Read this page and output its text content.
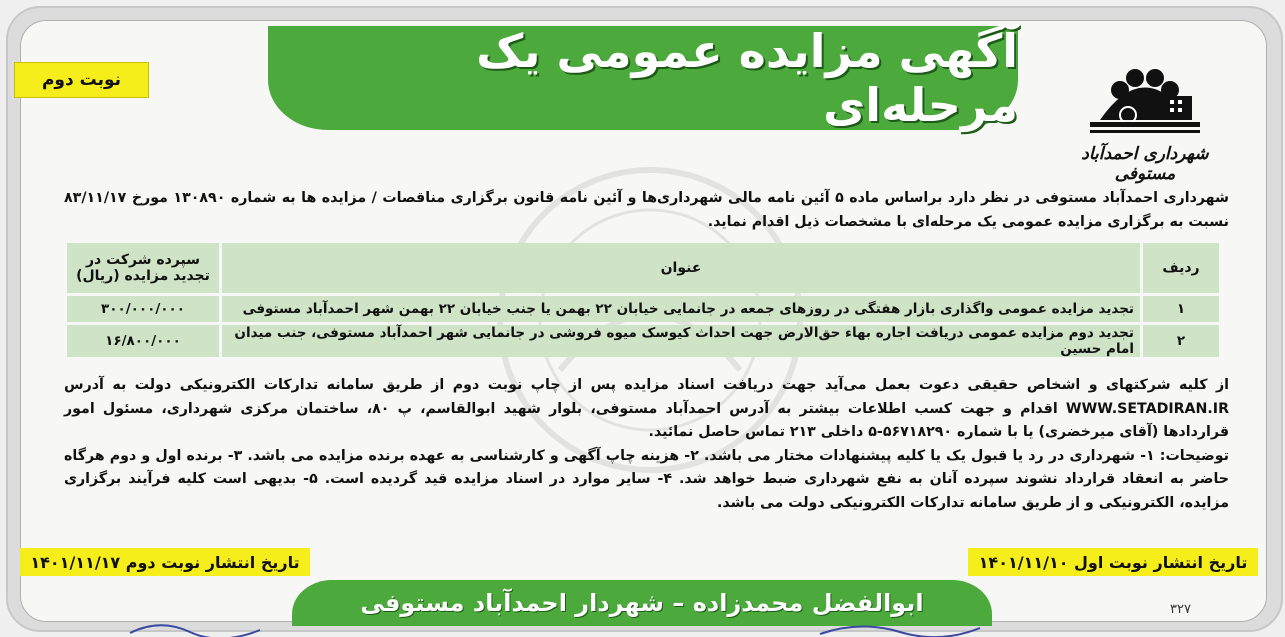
آگهی مزایده عمومی یک مرحله‌ای
نوبت دوم
شهرداری احمدآباد مستوفی
شهرداری احمدآباد مستوفی در نظر دارد براساس ماده ۵ آئین نامه مالی شهرداری‌ها و آئین نامه قانون برگزاری مناقصات / مزایده ها به شماره ۱۳۰۸۹۰ مورخ ۸۳/۱۱/۱۷ نسبت به برگزاری مزایده عمومی یک مرحله‌ای با مشخصات ذیل اقدام نماید.
ردیف	عنوان	سپرده شرکت در تجدید مزایده (ریال)
۱	تجدید مزایده عمومی واگذاری بازار هفتگی در روزهای جمعه در جانمایی خیابان ۲۲ بهمن یا جنب خیابان ۲۲ بهمن شهر احمدآباد مستوفی	۳۰۰/۰۰۰/۰۰۰
۲	تجدید دوم مزایده عمومی دریافت اجاره بهاء حق‌الارض جهت احداث کیوسک میوه فروشی در جانمایی شهر احمدآباد مستوفی، جنب میدان امام حسین	۱۶/۸۰۰/۰۰۰
از کلیه شرکتهای و اشخاص حقیقی دعوت بعمل می‌آید جهت دریافت اسناد مزایده پس از چاپ نوبت دوم از طریق سامانه تدارکات الکترونیکی دولت به آدرس WWW.SETADIRAN.IR اقدام و جهت کسب اطلاعات بیشتر به آدرس احمدآباد مستوفی، بلوار شهید ابوالقاسم، پ ۸۰، ساختمان مرکزی شهرداری، مسئول امور قراردادها (آقای میرخضری) یا با شماره ۵۶۷۱۸۲۹۰-۵ داخلی ۲۱۳ تماس حاصل نمائید.
توضیحات: ۱- شهرداری در رد یا قبول یک یا کلیه پیشنهادات مختار می باشد. ۲- هزینه چاپ آگهی و کارشناسی به عهده برنده مزایده می باشد. ۳- برنده اول و دوم هرگاه حاضر به انعقاد قرارداد نشوند سپرده آنان به نفع شهرداری ضبط خواهد شد. ۴- سایر موارد در اسناد مزایده قید گردیده است. ۵- بدیهی است کلیه فرآیند برگزاری مزایده، الکترونیکی و از طریق سامانه تدارکات الکترونیکی دولت می باشد.
تاریخ انتشار نوبت اول ۱۴۰۱/۱۱/۱۰
تاریخ انتشار نوبت دوم ۱۴۰۱/۱۱/۱۷
ابوالفضل محمدزاده – شهردار احمدآباد مستوفی	۳۲۷
